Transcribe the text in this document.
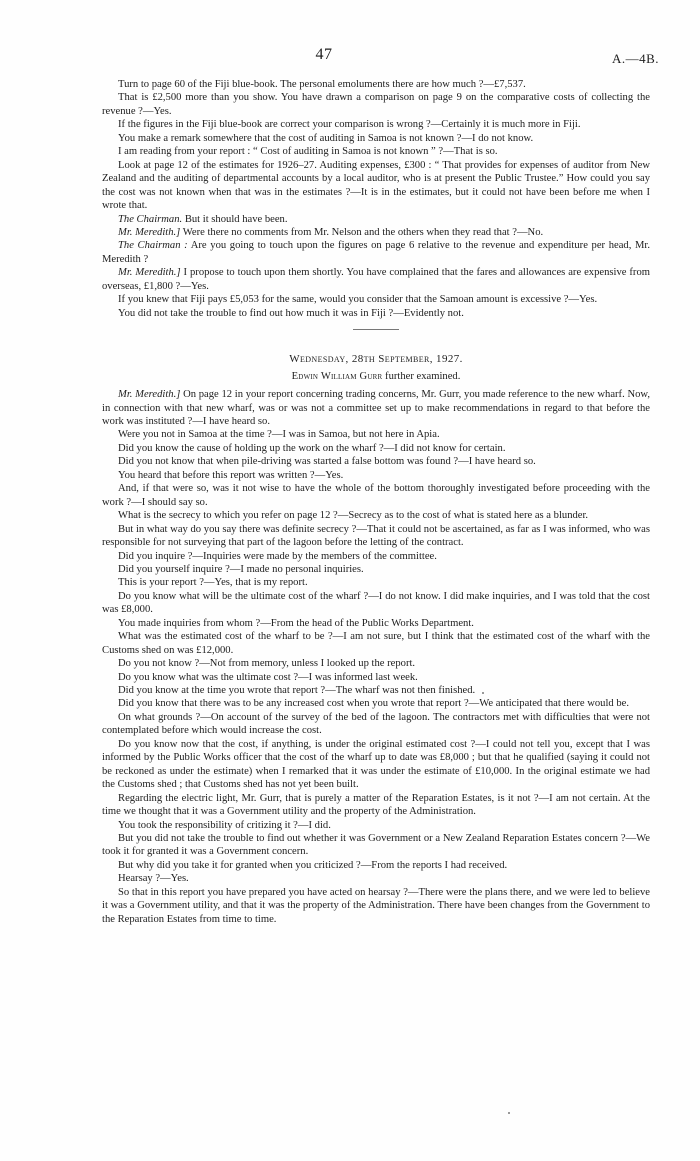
47	A.—4B.

Turn to page 60 of the Fiji blue-book. The personal emoluments there are how much ?—£7,537.

That is £2,500 more than you show. You have drawn a comparison on page 9 on the comparative costs of collecting the revenue ?—Yes.

If the figures in the Fiji blue-book are correct your comparison is wrong ?—Certainly it is much more in Fiji.

You make a remark somewhere that the cost of auditing in Samoa is not known ?—I do not know.

I am reading from your report : “ Cost of auditing in Samoa is not known ” ?—That is so.

Look at page 12 of the estimates for 1926–27. Auditing expenses, £300 : “ That provides for expenses of auditor from New Zealand and the auditing of departmental accounts by a local auditor, who is at present the Public Trustee.” How could you say the cost was not known when that was in the estimates ?—It is in the estimates, but it could not have been before me when I wrote that.

The Chairman. But it should have been.

Mr. Meredith.] Were there no comments from Mr. Nelson and the others when they read that ?—No.

The Chairman : Are you going to touch upon the figures on page 6 relative to the revenue and expenditure per head, Mr. Meredith ?

Mr. Meredith.] I propose to touch upon them shortly. You have complained that the fares and allowances are expensive from overseas, £1,800 ?—Yes.

If you knew that Fiji pays £5,053 for the same, would you consider that the Samoan amount is excessive ?—Yes.

You did not take the trouble to find out how much it was in Fiji ?—Evidently not.

Wednesday, 28th September, 1927.
Edwin William Gurr further examined.

Mr. Meredith.] On page 12 in your report concerning trading concerns, Mr. Gurr, you made reference to the new wharf. Now, in connection with that new wharf, was or was not a committee set up to make recommendations in regard to that before the work was instituted ?—I have heard so.

Were you not in Samoa at the time ?—I was in Samoa, but not here in Apia.

Did you know the cause of holding up the work on the wharf ?—I did not know for certain.

Did you not know that when pile-driving was started a false bottom was found ?—I have heard so.

You heard that before this report was written ?—Yes.

And, if that were so, was it not wise to have the whole of the bottom thoroughly investigated before proceeding with the work ?—I should say so.

What is the secrecy to which you refer on page 12 ?—Secrecy as to the cost of what is stated here as a blunder.

But in what way do you say there was definite secrecy ?—That it could not be ascertained, as far as I was informed, who was responsible for not surveying that part of the lagoon before the letting of the contract.

Did you inquire ?—Inquiries were made by the members of the committee.

Did you yourself inquire ?—I made no personal inquiries.

This is your report ?—Yes, that is my report.

Do you know what will be the ultimate cost of the wharf ?—I do not know. I did make inquiries, and I was told that the cost was £8,000.

You made inquiries from whom ?—From the head of the Public Works Department.

What was the estimated cost of the wharf to be ?—I am not sure, but I think that the estimated cost of the wharf with the Customs shed on was £12,000.

Do you not know ?—Not from memory, unless I looked up the report.

Do you know what was the ultimate cost ?—I was informed last week.

Did you know at the time you wrote that report ?—The wharf was not then finished.

Did you know that there was to be any increased cost when you wrote that report ?—We anticipated that there would be.

On what grounds ?—On account of the survey of the bed of the lagoon. The contractors met with difficulties that were not contemplated before which would increase the cost.

Do you know now that the cost, if anything, is under the original estimated cost ?—I could not tell you, except that I was informed by the Public Works officer that the cost of the wharf up to date was £8,000 ; but that he qualified (saying it could not be reckoned as under the estimate) when I remarked that it was under the estimate of £10,000. In the original estimate we had the Customs shed ; that Customs shed has not yet been built.

Regarding the electric light, Mr. Gurr, that is purely a matter of the Reparation Estates, is it not ?—I am not certain. At the time we thought that it was a Government utility and the property of the Administration.

You took the responsibility of critizing it ?—I did.

But you did not take the trouble to find out whether it was Government or a New Zealand Reparation Estates concern ?—We took it for granted it was a Government concern.

But why did you take it for granted when you criticized ?—From the reports I had received.

Hearsay ?—Yes.

So that in this report you have prepared you have acted on hearsay ?—There were the plans there, and we were led to believe it was a Government utility, and that it was the property of the Administration. There have been changes from the Government to the Reparation Estates from time to time.
